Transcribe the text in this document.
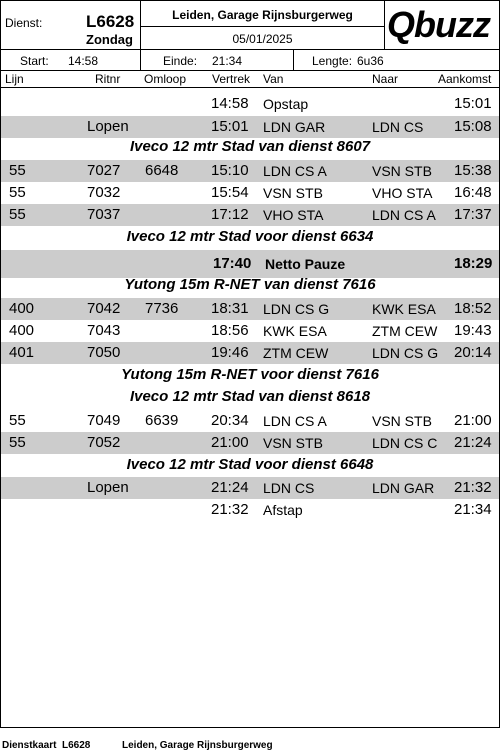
Dienst:	L6628
Zondag
Leiden, Garage Rijnsburgerweg
05/01/2025	Qbuzz
Start: 14:58	Einde: 21:34	Lengte: 6u36
Lijn	Ritnr Omloop Vertrek Van	Naar	Aankomst
14:58 Opstap	15:01
Lopen	15:01 LDN GAR	LDN CS 15:08
Iveco 12 mtr Stad van dienst 8607
55	7027 6648 15:10 LDN CS A	VSN STB 15:38
55	7032	15:54 VSN STB	VHO STA 16:48
55	7037	17:12 VHO STA	LDN CS A 17:37
Iveco 12 mtr Stad voor dienst 6634
17:40 Netto Pauze	18:29
Yutong 15m R-NET van dienst 7616
400	7042 7736 18:31 LDN CS G	KWK ESA 18:52
400	7043	18:56 KWK ESA	ZTM CEW 19:43
401	7050	19:46 ZTM CEW	LDN CS G 20:14
Yutong 15m R-NET voor dienst 7616
Iveco 12 mtr Stad van dienst 8618
55	7049 6639 20:34 LDN CS A	VSN STB 21:00
55	7052	21:00 VSN STB	LDN CS C 21:24
Iveco 12 mtr Stad voor dienst 6648
Lopen	21:24 LDN CS	LDN GAR 21:32
21:32 Afstap	21:34
Dienstkaart L6628	Leiden, Garage Rijnsburgerweg
